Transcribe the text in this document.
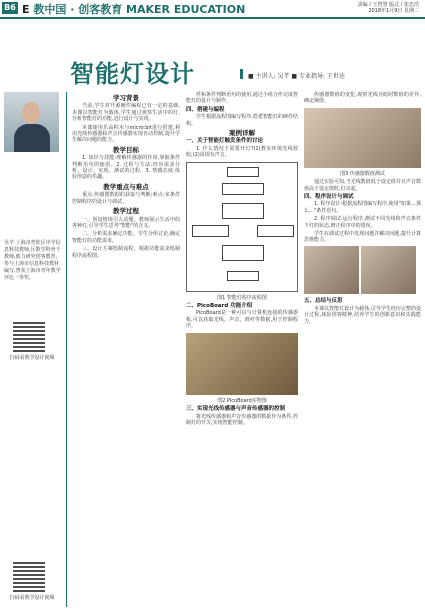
B6 E 教中国 · 创客教育 MAKER EDUCATION	责编 / 王智慧 版式 / 张忠浩
2018年1月9日 星期二
智能灯设计	■ 主讲人: 吴芊 ■ 专业指导: 王世达
吴芊 上海市普陀区中学信息科技教师,区数学科骨干教师,致力研究创客教育,参与上海市信息科技教材编写,曾获上海市青年教学评比一等奖。
扫码看教学设计视频
扫码看教学设计视频
学习背景

当前,学生对开源硬件编程已有一定的基础,本课以智能灯为载体,学生通过观察生活中的灯,分析智能灯的功能,进行设计与实现。

本课使用乐高积木与micro:bit进行搭建,利用光线传感器和声音传感器实现自动控制,提升学生解决问题的能力。

教学目标

1. 知识与技能:理解传感器的作用,掌握条件判断语句的使用。2. 过程与方法:经历需求分析、设计、实现、测试的过程。3. 情感态度:体验创造的乐趣。

教学重点与难点

重点:传感器数据的获取与判断;难点:多条件控制程序的设计与调试。

教学过程

一、创设情境引入话题。教师展示生活中的各种灯,引导学生思考"智能"的含义。

二、分析需求确定功能。学生分组讨论,确定智能灯的功能需求。

三、设计方案绘制流程。根据功能需求绘制程序流程图。

件和条件判断语句的使用,通过小组合作完成智能灯的设计与制作。

四、搭建与编程

学生根据流程图编写程序,搭建智能灯的硬件结构。

案例详解
一、关于智能灯触发条件的讨论

1. 什么情况下需要开灯?(1)教室环境光线较暗;(2)周围有声音。

图1 智能灯程序流程图

二、PicoBoard 功能介绍

PicoBoard是一种可以与计算机连接的传感器板,可以获取光线、声音、滑杆等数据,用于控制程序。

图2 PicoBoard实物图

三、实现光线传感器与声音传感器的控制

将光线传感器和声音传感器的数据作为条件,控制灯的开关,实现智能控制。

传感器数值的变化,观察光线亮暗时数值的差异,确定阈值。

图3 传感器数值测试

通过实验可知,当光线数值低于设定值并且声音数值高于设定值时,灯亮起。

四、程序设计与调试

1. 程序设计:根据流程图编写程序,使用"如果…那么…"条件语句。

2. 程序调试:运行程序,测试不同光线和声音条件下灯的状态,修正程序中的错误。

学生在调试过程中发现问题并解决问题,提升计算思维能力。

五、总结与反思

本课以智能灯设计为载体,引导学生经历完整的设计过程,体验创客精神,培养学生的创新意识和实践能力。
